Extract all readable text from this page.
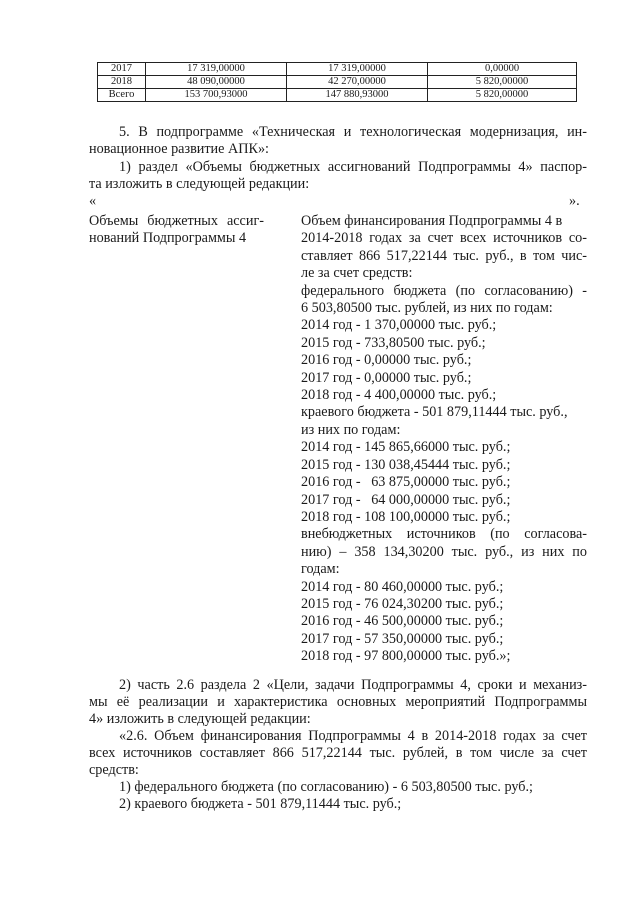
2017	17 319,00000	17 319,00000	0,00000
2018	48 090,00000	42 270,00000	5 820,00000
Всего	153 700,93000	147 880,93000	5 820,00000
5. В подпрограмме «Техническая и технологическая модернизация, ин-
новационное развитие АПК»:
1) раздел «Объемы бюджетных ассигнований Подпрограммы 4» паспор-
та изложить в следующей редакции:
«	».
Объемы бюджетных ассиг-
нований Подпрограммы 4
Объем финансирования Подпрограммы 4 в
2014-2018 годах за счет всех источников со-
ставляет 866 517,22144 тыс. руб., в том чис-
ле за счет средств:
федерального бюджета (по согласованию) -
6 503,80500 тыс. рублей, из них по годам:
2014 год - 1 370,00000 тыс. руб.;
2015 год - 733,80500 тыс. руб.;
2016 год - 0,00000 тыс. руб.;
2017 год - 0,00000 тыс. руб.;
2018 год - 4 400,00000 тыс. руб.;
краевого бюджета - 501 879,11444 тыс. руб.,
из них по годам:
2014 год - 145 865,66000 тыс. руб.;
2015 год - 130 038,45444 тыс. руб.;
2016 год -   63 875,00000 тыс. руб.;
2017 год -   64 000,00000 тыс. руб.;
2018 год - 108 100,00000 тыс. руб.;
внебюджетных источников (по согласова-
нию) – 358 134,30200 тыс. руб., из них по
годам:
2014 год - 80 460,00000 тыс. руб.;
2015 год - 76 024,30200 тыс. руб.;
2016 год - 46 500,00000 тыс. руб.;
2017 год - 57 350,00000 тыс. руб.;
2018 год - 97 800,00000 тыс. руб.»;
2) часть 2.6 раздела 2 «Цели, задачи Подпрограммы 4, сроки и механиз-
мы её реализации и характеристика основных мероприятий Подпрограммы
4» изложить в следующей редакции:
«2.6. Объем финансирования Подпрограммы 4 в 2014-2018 годах за счет
всех источников составляет 866 517,22144 тыс. рублей, в том числе за счет
средств:
1) федерального бюджета (по согласованию) - 6 503,80500 тыс. руб.;
2) краевого бюджета - 501 879,11444 тыс. руб.;
